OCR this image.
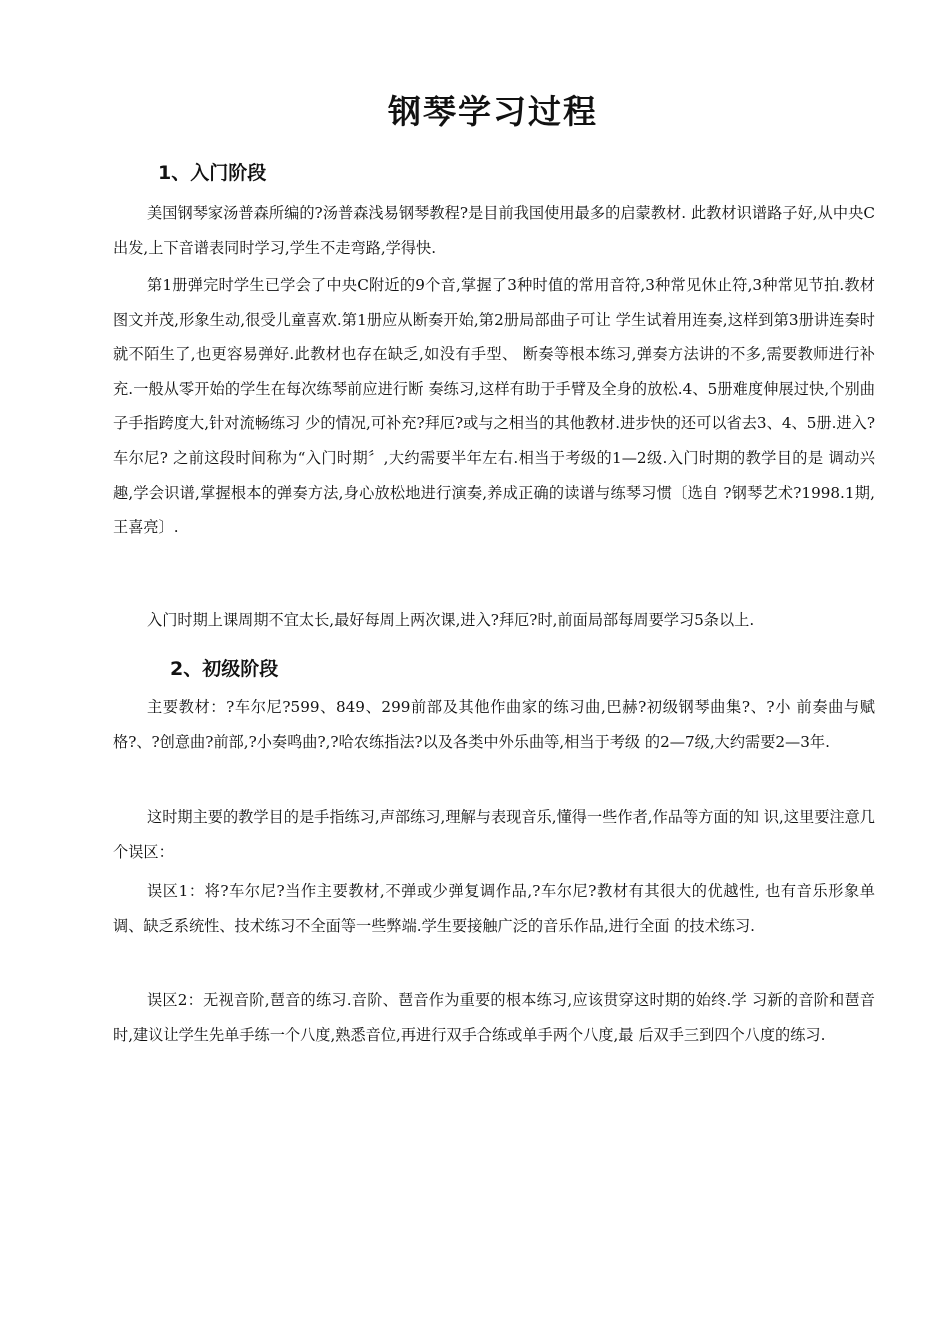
钢琴学习过程
1、入门阶段

美国钢琴家汤普森所编的?汤普森浅易钢琴教程?是目前我国使用最多的启蒙教材. 此教材识谱路子好,从中央C出发,上下音谱表同时学习,学生不走弯路,学得快.

第1册弹完时学生已学会了中央C附近的9个音,掌握了3种时值的常用音符,3种常见休止符,3种常见节拍.教材图文并茂,形象生动,很受儿童喜欢.第1册应从断奏开始,第2册局部曲子可让 学生试着用连奏,这样到第3册讲连奏时就不陌生了,也更容易弹好.此教材也存在缺乏,如没有手型、 断奏等根本练习,弹奏方法讲的不多,需要教师进行补充.一般从零开始的学生在每次练琴前应进行断 奏练习,这样有助于手臂及全身的放松.4、5册难度伸展过快,个别曲子手指跨度大,针对流畅练习 少的情况,可补充?拜厄?或与之相当的其他教材.进步快的还可以省去3、4、5册.进入?车尔尼? 之前这段时间称为“入门时期〞,大约需要半年左右.相当于考级的1—2级.入门时期的教学目的是 调动兴趣,学会识谱,掌握根本的弹奏方法,身心放松地进行演奏,养成正确的读谱与练琴习惯〔选自 ?钢琴艺术?1998.1期, 王喜亮〕.

入门时期上课周期不宜太长,最好每周上两次课,进入?拜厄?时,前面局部每周要学习5条以上.

2、初级阶段

主要教材：?车尔尼?599、849、299前部及其他作曲家的练习曲,巴赫?初级钢琴曲集?、?小 前奏曲与赋格?、?创意曲?前部,?小奏鸣曲?,?哈农练指法?以及各类中外乐曲等,相当于考级 的2—7级,大约需要2—3年.

这时期主要的教学目的是手指练习,声部练习,理解与表现音乐,懂得一些作者,作品等方面的知 识,这里要注意几个误区：

误区1：将?车尔尼?当作主要教材,不弹或少弹复调作品,?车尔尼?教材有其很大的优越性, 也有音乐形象单调、缺乏系统性、技术练习不全面等一些弊端.学生要接触广泛的音乐作品,进行全面 的技术练习.

误区2：无视音阶,琶音的练习.音阶、琶音作为重要的根本练习,应该贯穿这时期的始终.学 习新的音阶和琶音时,建议让学生先单手练一个八度,熟悉音位,再进行双手合练或单手两个八度,最 后双手三到四个八度的练习.
